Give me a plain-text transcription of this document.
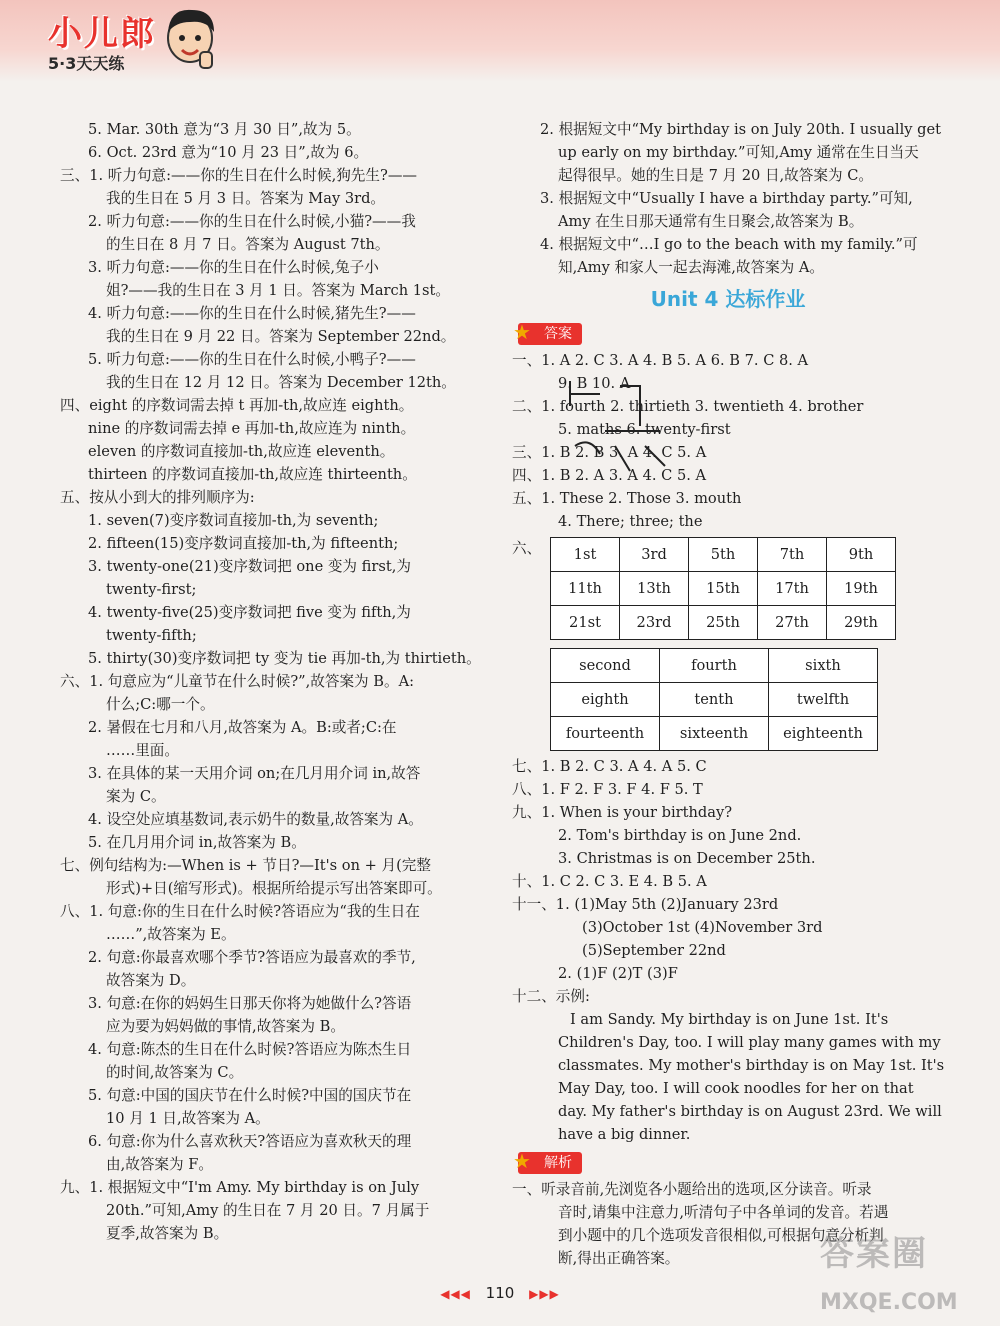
小儿郎
5·3天天练
5. Mar. 30th 意为“3 月 30 日”,故为 5。
6. Oct. 23rd 意为“10 月 23 日”,故为 6。
三、1. 听力句意:——你的生日在什么时候,狗先生?——
我的生日在 5 月 3 日。答案为 May 3rd。
2. 听力句意:——你的生日在什么时候,小猫?——我
的生日在 8 月 7 日。答案为 August 7th。
3. 听力句意:——你的生日在什么时候,兔子小
姐?——我的生日在 3 月 1 日。答案为 March 1st。
4. 听力句意:——你的生日在什么时候,猪先生?——
我的生日在 9 月 22 日。答案为 September 22nd。
5. 听力句意:——你的生日在什么时候,小鸭子?——
我的生日在 12 月 12 日。答案为 December 12th。
四、eight 的序数词需去掉 t 再加-th,故应连 eighth。
nine 的序数词需去掉 e 再加-th,故应连为 ninth。
eleven 的序数词直接加-th,故应连 eleventh。
thirteen 的序数词直接加-th,故应连 thirteenth。
五、按从小到大的排列顺序为:
1. seven(7)变序数词直接加-th,为 seventh;
2. fifteen(15)变序数词直接加-th,为 fifteenth;
3. twenty-one(21)变序数词把 one 变为 first,为
twenty-first;
4. twenty-five(25)变序数词把 five 变为 fifth,为
twenty-fifth;
5. thirty(30)变序数词把 ty 变为 tie 再加-th,为 thirtieth。
六、1. 句意应为“儿童节在什么时候?”,故答案为 B。A:
什么;C:哪一个。
2. 暑假在七月和八月,故答案为 A。B:或者;C:在
……里面。
3. 在具体的某一天用介词 on;在几月用介词 in,故答
案为 C。
4. 设空处应填基数词,表示奶牛的数量,故答案为 A。
5. 在几月用介词 in,故答案为 B。
七、例句结构为:—When is + 节日?—It's on + 月(完整
形式)+日(缩写形式)。根据所给提示写出答案即可。
八、1. 句意:你的生日在什么时候?答语应为“我的生日在
……”,故答案为 E。
2. 句意:你最喜欢哪个季节?答语应为最喜欢的季节,
故答案为 D。
3. 句意:在你的妈妈生日那天你将为她做什么?答语
应为要为妈妈做的事情,故答案为 B。
4. 句意:陈杰的生日在什么时候?答语应为陈杰生日
的时间,故答案为 C。
5. 句意:中国的国庆节在什么时候?中国的国庆节在
10 月 1 日,故答案为 A。
6. 句意:你为什么喜欢秋天?答语应为喜欢秋天的理
由,故答案为 F。
九、1. 根据短文中“I'm Amy. My birthday is on July
20th.”可知,Amy 的生日在 7 月 20 日。7 月属于
夏季,故答案为 B。
2. 根据短文中“My birthday is on July 20th. I usually get
up early on my birthday.”可知,Amy 通常在生日当天
起得很早。她的生日是 7 月 20 日,故答案为 C。
3. 根据短文中“Usually I have a birthday party.”可知,
Amy 在生日那天通常有生日聚会,故答案为 B。
4. 根据短文中“…I go to the beach with my family.”可
知,Amy 和家人一起去海滩,故答案为 A。
Unit 4 达标作业
★ 答案
一、1. A 2. C 3. A 4. B 5. A 6. B 7. C 8. A
9. B 10. A
二、1. fourth 2. thirtieth 3. twentieth 4. brother
5. maths 6. twenty-first
三、1. B 2. B 3. A 4. C 5. A
四、1. B 2. A 3. A 4. C 5. A
五、1. These 2. Those 3. mouth
4. There; three; the
六、 1st	3rd	5th	7th	9th
11th	13th	15th	17th	19th
21st	23rd	25th	27th	29th
second	fourth	sixth
eighth	tenth	twelfth
fourteenth	sixteenth	eighteenth
七、1. B 2. C 3. A 4. A 5. C
八、1. F 2. F 3. F 4. F 5. T
九、1. When is your birthday?
2. Tom's birthday is on June 2nd.
3. Christmas is on December 25th.
十、1. C 2. C 3. E 4. B 5. A
十一、1. (1)May 5th (2)January 23rd
(3)October 1st (4)November 3rd
(5)September 22nd
2. (1)F (2)T (3)F
十二、示例:
I am Sandy. My birthday is on June 1st. It's
Children's Day, too. I will play many games with my
classmates. My mother's birthday is on May 1st. It's
May Day, too. I will cook noodles for her on that
day. My father's birthday is on August 23rd. We will
have a big dinner.
★ 解析
一、听录音前,先浏览各小题给出的选项,区分读音。听录
音时,请集中注意力,听清句子中各单词的发音。若遇
到小题中的几个选项发音很相似,可根据句意分析判
断,得出正确答案。
◀◀◀ 110 ▶▶▶
答案圈
MXQE.COM
